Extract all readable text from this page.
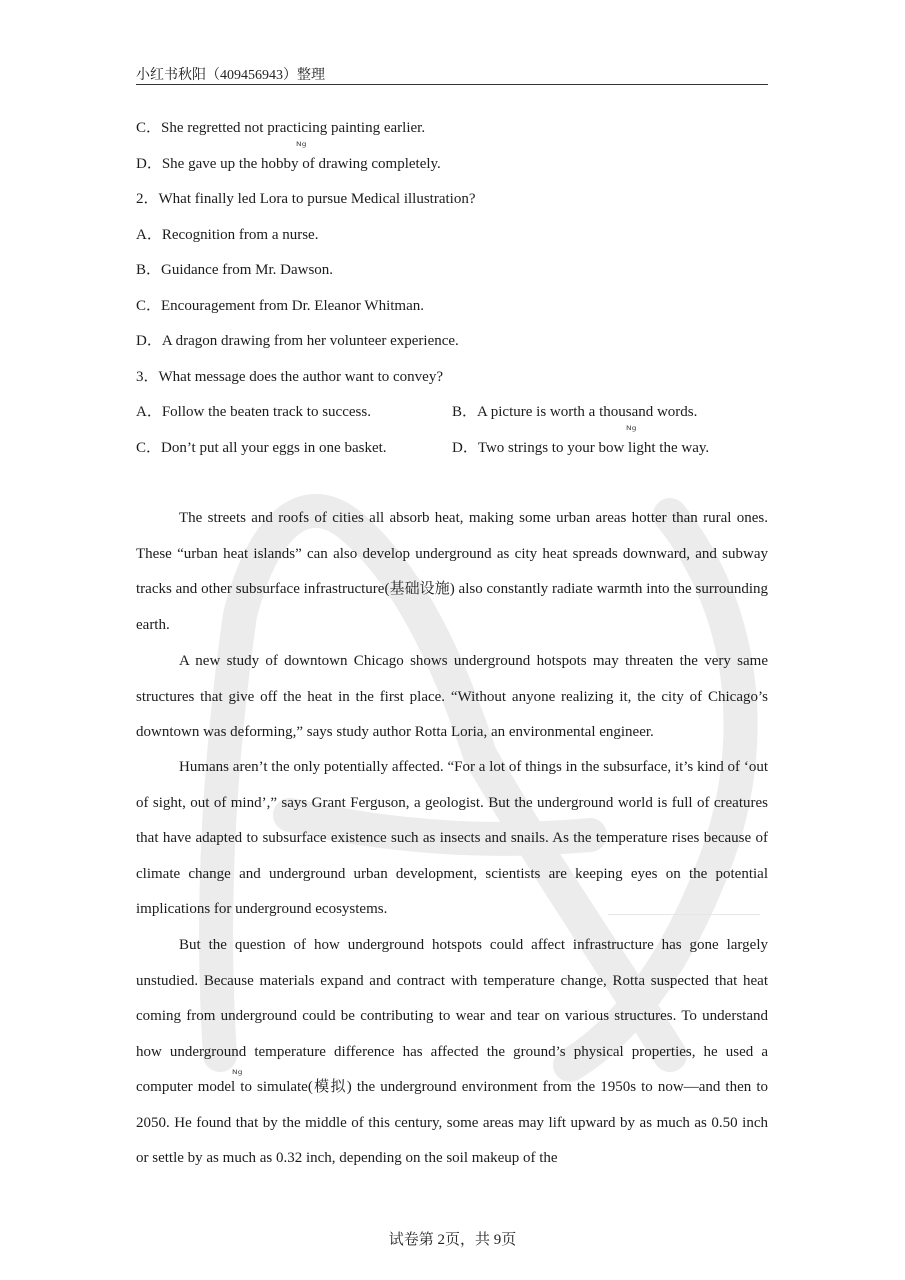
小红书秋阳（409456943）整理
C．She regretted not practicing painting earlier.
ᴺᵍ
D．She gave up the hobby of drawing completely.
2．What finally led Lora to pursue Medical illustration?
A．Recognition from a nurse.
B．Guidance from Mr. Dawson.
C．Encouragement from Dr. Eleanor Whitman.
D．A dragon drawing from her volunteer experience.
3．What message does the author want to convey?
A．Follow the beaten track to success.	B．A picture is worth a thousand words.
ᴺᵍ
C．Don’t put all your eggs in one basket.	D．Two strings to your bow light the way.
The streets and roofs of cities all absorb heat, making some urban areas hotter than rural ones. These “urban heat islands” can also develop underground as city heat spreads downward, and subway tracks and other subsurface infrastructure(基础设施) also constantly radiate warmth into the surrounding earth.
A new study of downtown Chicago shows underground hotspots may threaten the very same structures that give off the heat in the first place. “Without anyone realizing it, the city of Chicago’s downtown was deforming,” says study author Rotta Loria, an environmental engineer.
Humans aren’t the only potentially affected. “For a lot of things in the subsurface, it’s kind of ‘out of sight, out of mind’,” says Grant Ferguson, a geologist. But the underground world is full of creatures that have adapted to subsurface existence such as insects and snails. As the temperature rises because of climate change and underground urban development, scientists are keeping eyes on the potential implications for underground ecosystems.
But the question of how underground hotspots could affect infrastructure has gone largely unstudied. Because materials expand and contract with temperature change, Rotta suspected that heat coming from underground could be contributing to wear and tear on various structures. To understand how underground temperature difference has affected the ground’s physical properties, he used a computer model to simulate(模拟) the underground environment from the 1950s to now—and then to 2050. He found that by the middle of this century, some areas may lift upward by as much as 0.50 inch or settle by as much as 0.32 inch, depending on the soil makeup of the
ᴺᵍ
试卷第 2页，共 9页
